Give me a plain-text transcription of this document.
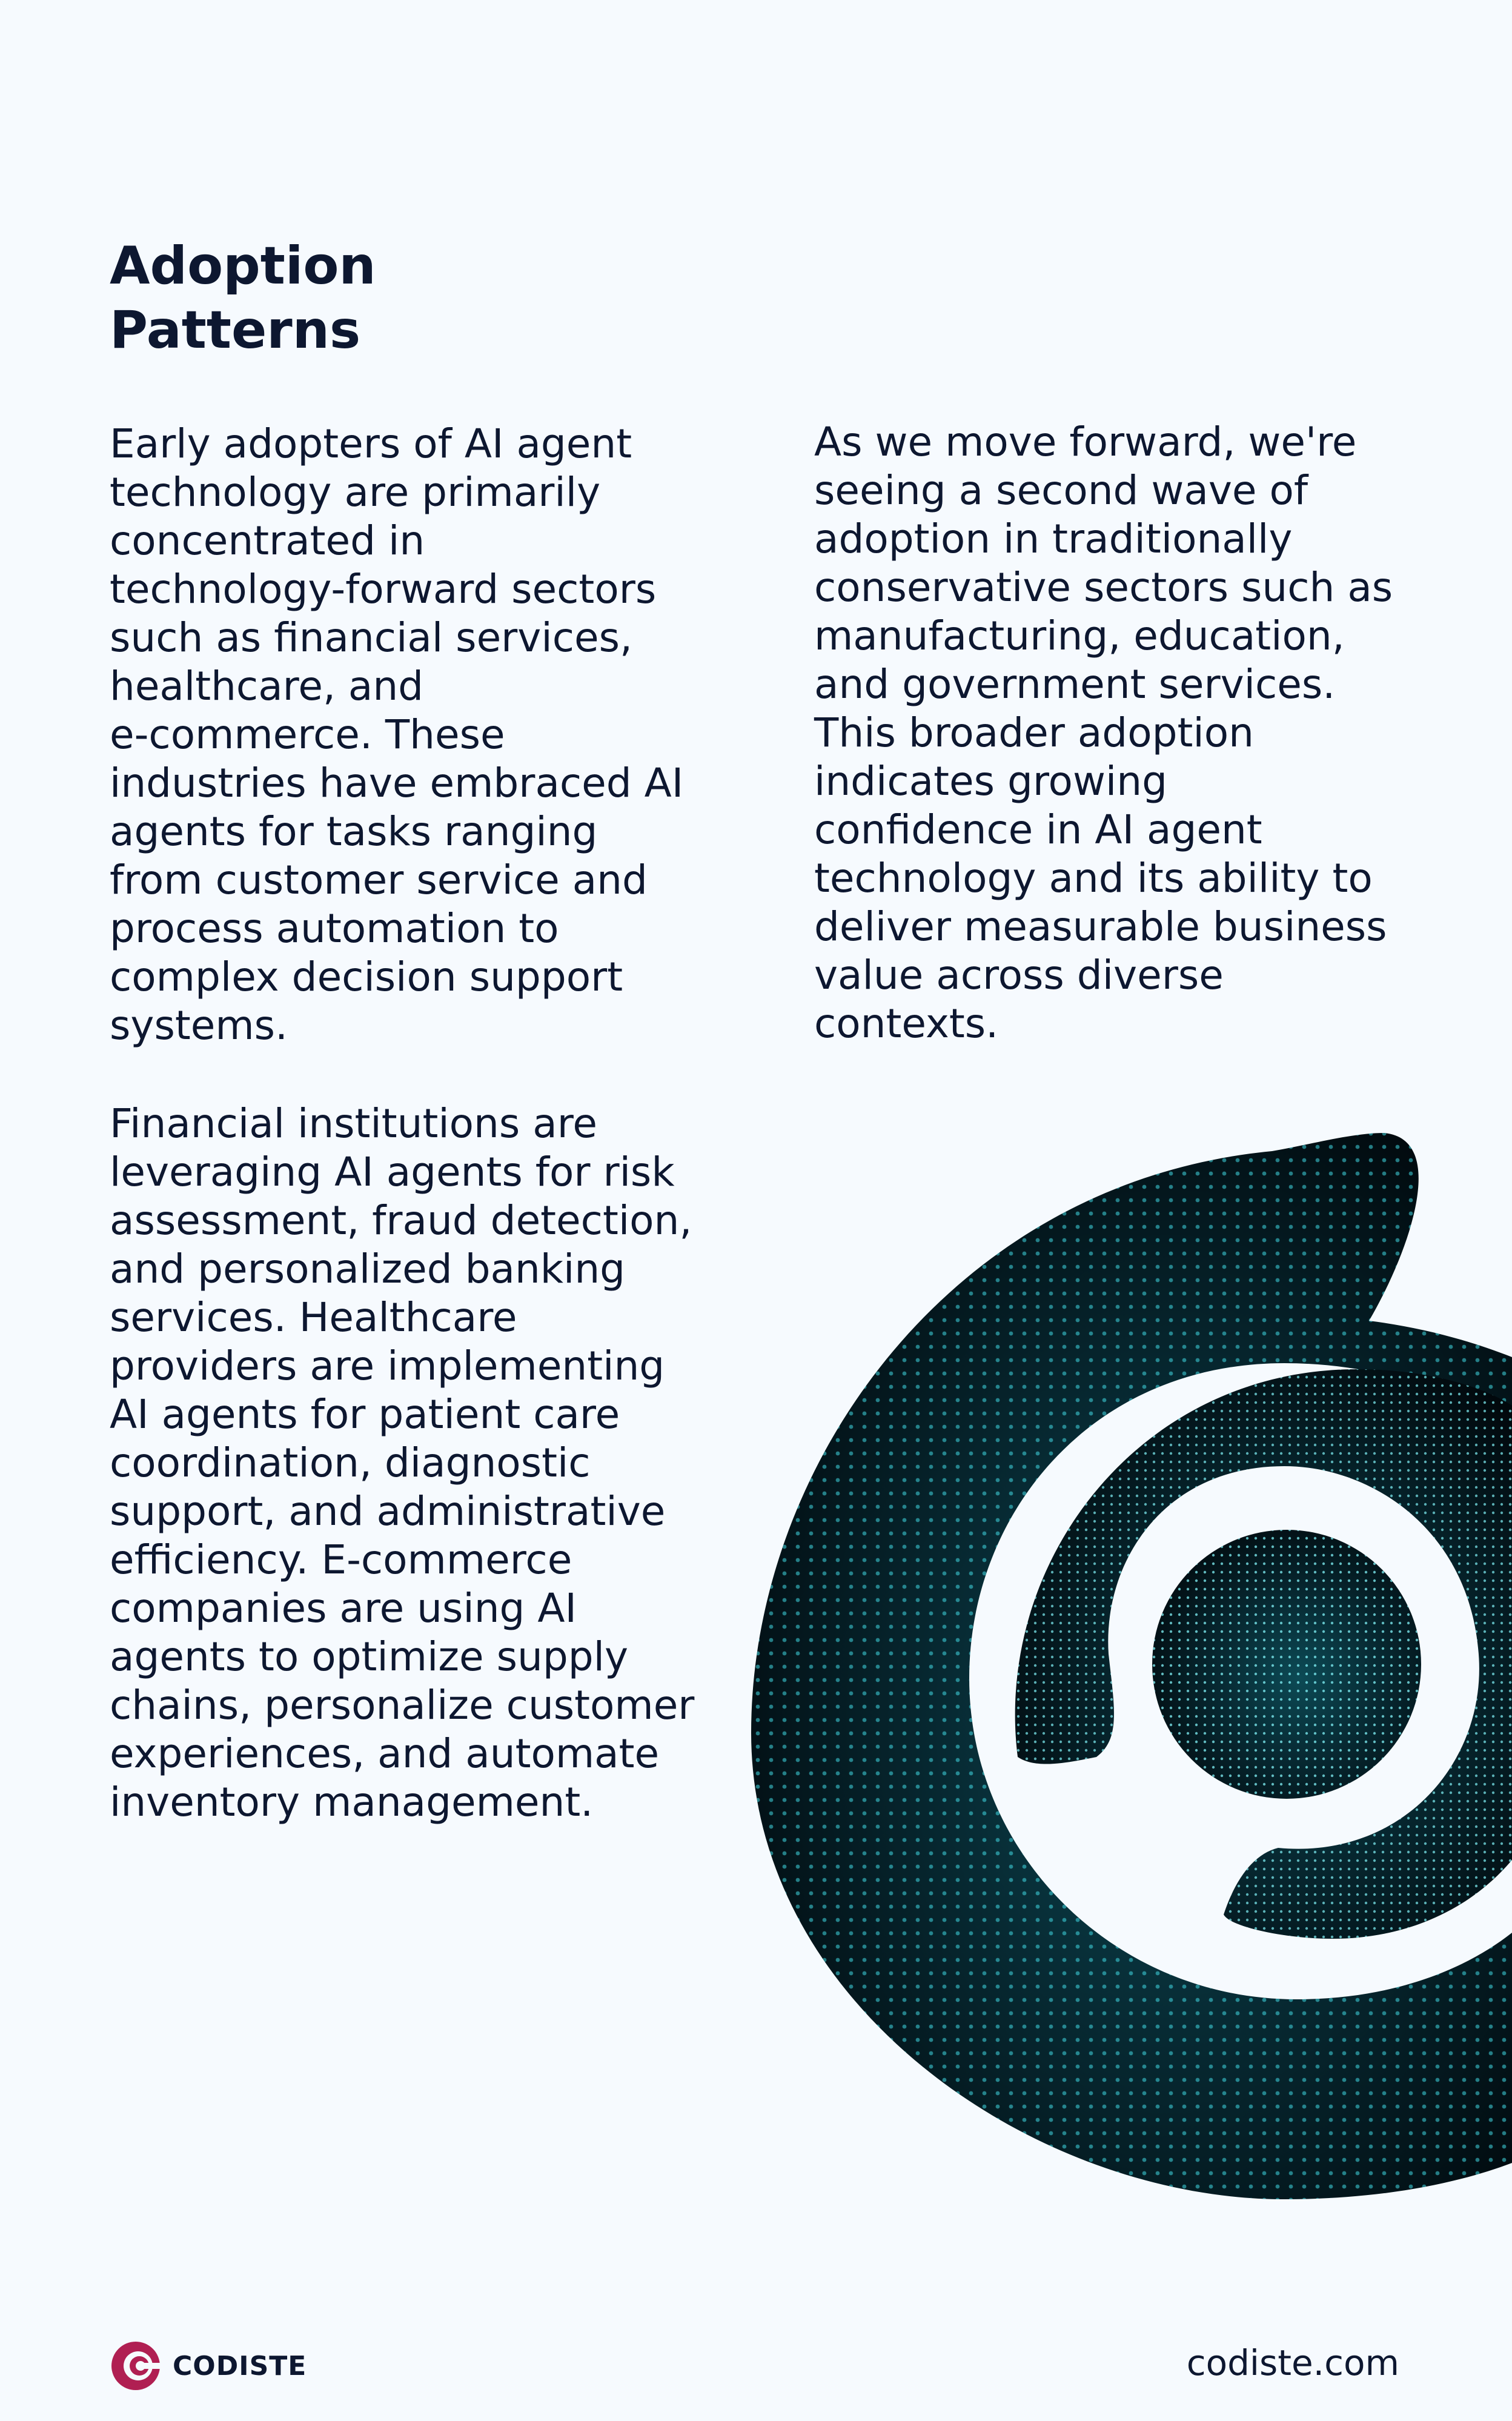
Adoption
Patterns

Early adopters of AI agent
technology are primarily
concentrated in
technology-forward sectors
such as financial services,
healthcare, and
e-commerce. These
industries have embraced AI
agents for tasks ranging
from customer service and
process automation to
complex decision support
systems.

Financial institutions are
leveraging AI agents for risk
assessment, fraud detection,
and personalized banking
services. Healthcare
providers are implementing
AI agents for patient care
coordination, diagnostic
support, and administrative
efficiency. E-commerce
companies are using AI
agents to optimize supply
chains, personalize customer
experiences, and automate
inventory management.

As we move forward, we're
seeing a second wave of
adoption in traditionally
conservative sectors such as
manufacturing, education,
and government services.
This broader adoption
indicates growing
confidence in AI agent
technology and its ability to
deliver measurable business
value across diverse
contexts.

CODISTE	codiste.com
